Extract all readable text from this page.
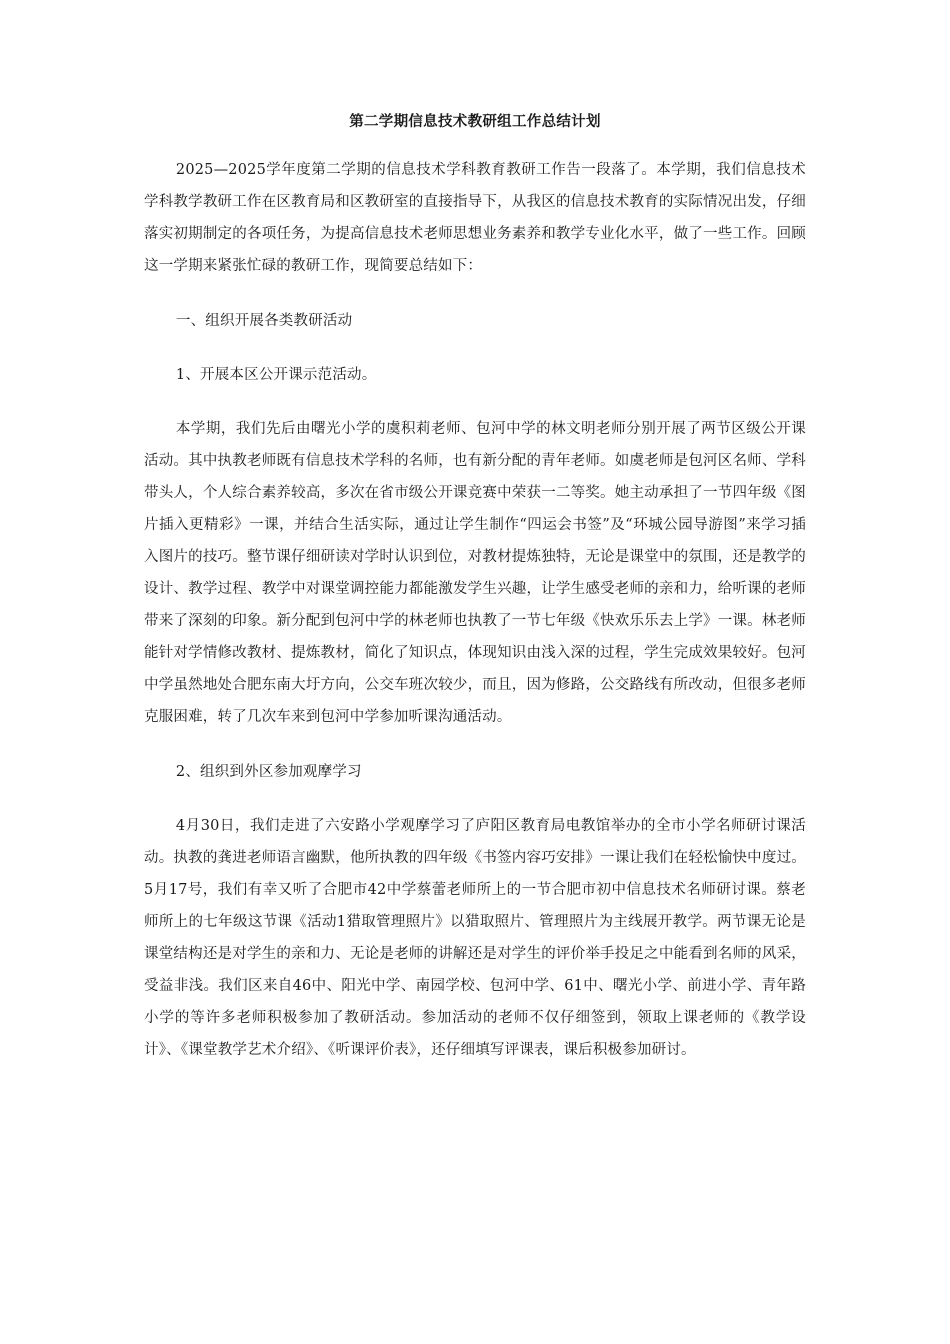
第二学期信息技术教研组工作总结计划

2025—2025学年度第二学期的信息技术学科教育教研工作告一段落了。本学期，我们信息技术学科教学教研工作在区教育局和区教研室的直接指导下，从我区的信息技术教育的实际情况出发，仔细落实初期制定的各项任务，为提高信息技术老师思想业务素养和教学专业化水平，做了一些工作。回顾这一学期来紧张忙碌的教研工作，现简要总结如下：

一、组织开展各类教研活动

1、开展本区公开课示范活动。

本学期，我们先后由曙光小学的虞积莉老师、包河中学的林文明老师分别开展了两节区级公开课活动。其中执教老师既有信息技术学科的名师，也有新分配的青年老师。如虞老师是包河区名师、学科带头人，个人综合素养较高，多次在省市级公开课竞赛中荣获一二等奖。她主动承担了一节四年级《图片插入更精彩》一课，并结合生活实际，通过让学生制作“四运会书签”及“环城公园导游图”来学习插入图片的技巧。整节课仔细研读对学时认识到位，对教材提炼独特，无论是课堂中的氛围，还是教学的设计、教学过程、教学中对课堂调控能力都能激发学生兴趣，让学生感受老师的亲和力，给听课的老师带来了深刻的印象。新分配到包河中学的林老师也执教了一节七年级《快欢乐乐去上学》一课。林老师能针对学情修改教材、提炼教材，简化了知识点，体现知识由浅入深的过程，学生完成效果较好。包河中学虽然地处合肥东南大圩方向，公交车班次较少，而且，因为修路，公交路线有所改动，但很多老师克服困难，转了几次车来到包河中学参加听课沟通活动。

2、组织到外区参加观摩学习

4月30日，我们走进了六安路小学观摩学习了庐阳区教育局电教馆举办的全市小学名师研讨课活动。执教的龚进老师语言幽默，他所执教的四年级《书签内容巧安排》一课让我们在轻松愉快中度过。5月17号，我们有幸又听了合肥市42中学蔡蕾老师所上的一节合肥市初中信息技术名师研讨课。蔡老师所上的七年级这节课《活动1猎取管理照片》以猎取照片、管理照片为主线展开教学。两节课无论是课堂结构还是对学生的亲和力、无论是老师的讲解还是对学生的评价举手投足之中能看到名师的风采，受益非浅。我们区来自46中、阳光中学、南园学校、包河中学、61中、曙光小学、前进小学、青年路小学的等许多老师积极参加了教研活动。参加活动的老师不仅仔细签到，领取上课老师的《教学设计》、《课堂教学艺术介绍》、《听课评价表》，还仔细填写评课表，课后积极参加研讨。
